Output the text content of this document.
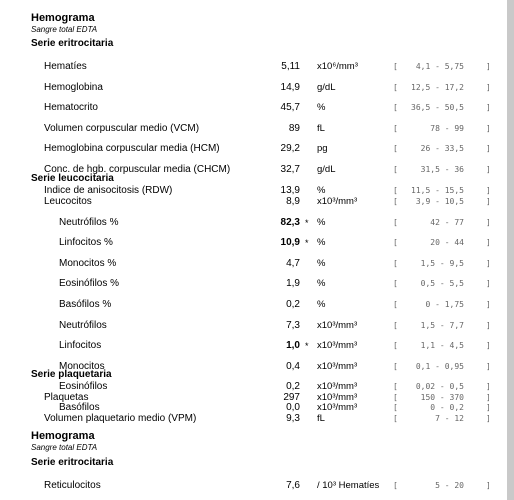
Hemograma
Sangre total EDTA
Serie eritrocitaria
Hematíes	5,11 x10⁶/mm³	[ 4,1 - 5,75	]
Hemoglobina	14,9 g/dL	[ 12,5 - 17,2	]
Hematocrito	45,7 %	[ 36,5 - 50,5	]
Volumen corpuscular medio (VCM)	89 fL	[	78 - 99	]
Hemoglobina corpuscular media (HCM)	29,2 pg	[	26 - 33,5	]
Conc. de hgb. corpuscular media (CHCM)	32,7 g/dL	[	31,5 - 36	]
Indice de anisocitosis (RDW)	13,9 %	[ 11,5 - 15,5	]
Serie leucocitaria
Leucocitos	8,9 x10³/mm³	[ 3,9 - 10,5	]
Neutrófilos %	82,3 * %	[	42 - 77	]
Linfocitos %	10,9 * %	[	20 - 44	]
Monocitos %	4,7 %	[	1,5 - 9,5	]
Eosinófilos %	1,9 %	[	0,5 - 5,5	]
Basófilos %	0,2 %	[	0 - 1,75	]
Neutrófilos	7,3 x10³/mm³	[	1,5 - 7,7	]
Linfocitos	1,0 * x10³/mm³	[	1,1 - 4,5	]
Monocitos	0,4 x10³/mm³	[ 0,1 - 0,95	]
Eosinófilos	0,2 x10³/mm³	[ 0,02 - 0,5	]
Basófilos	0,0 x10³/mm³	[	0 - 0,2	]
Serie plaquetaria
Plaquetas	297 x10³/mm³	[	150 - 370	]
Volumen plaquetario medio (VPM)	9,3 fL	[	7 - 12	]
Hemograma
Sangre total EDTA
Serie eritrocitaria
Reticulocitos	7,6 / 10³ Hematíes [	5 - 20	]
